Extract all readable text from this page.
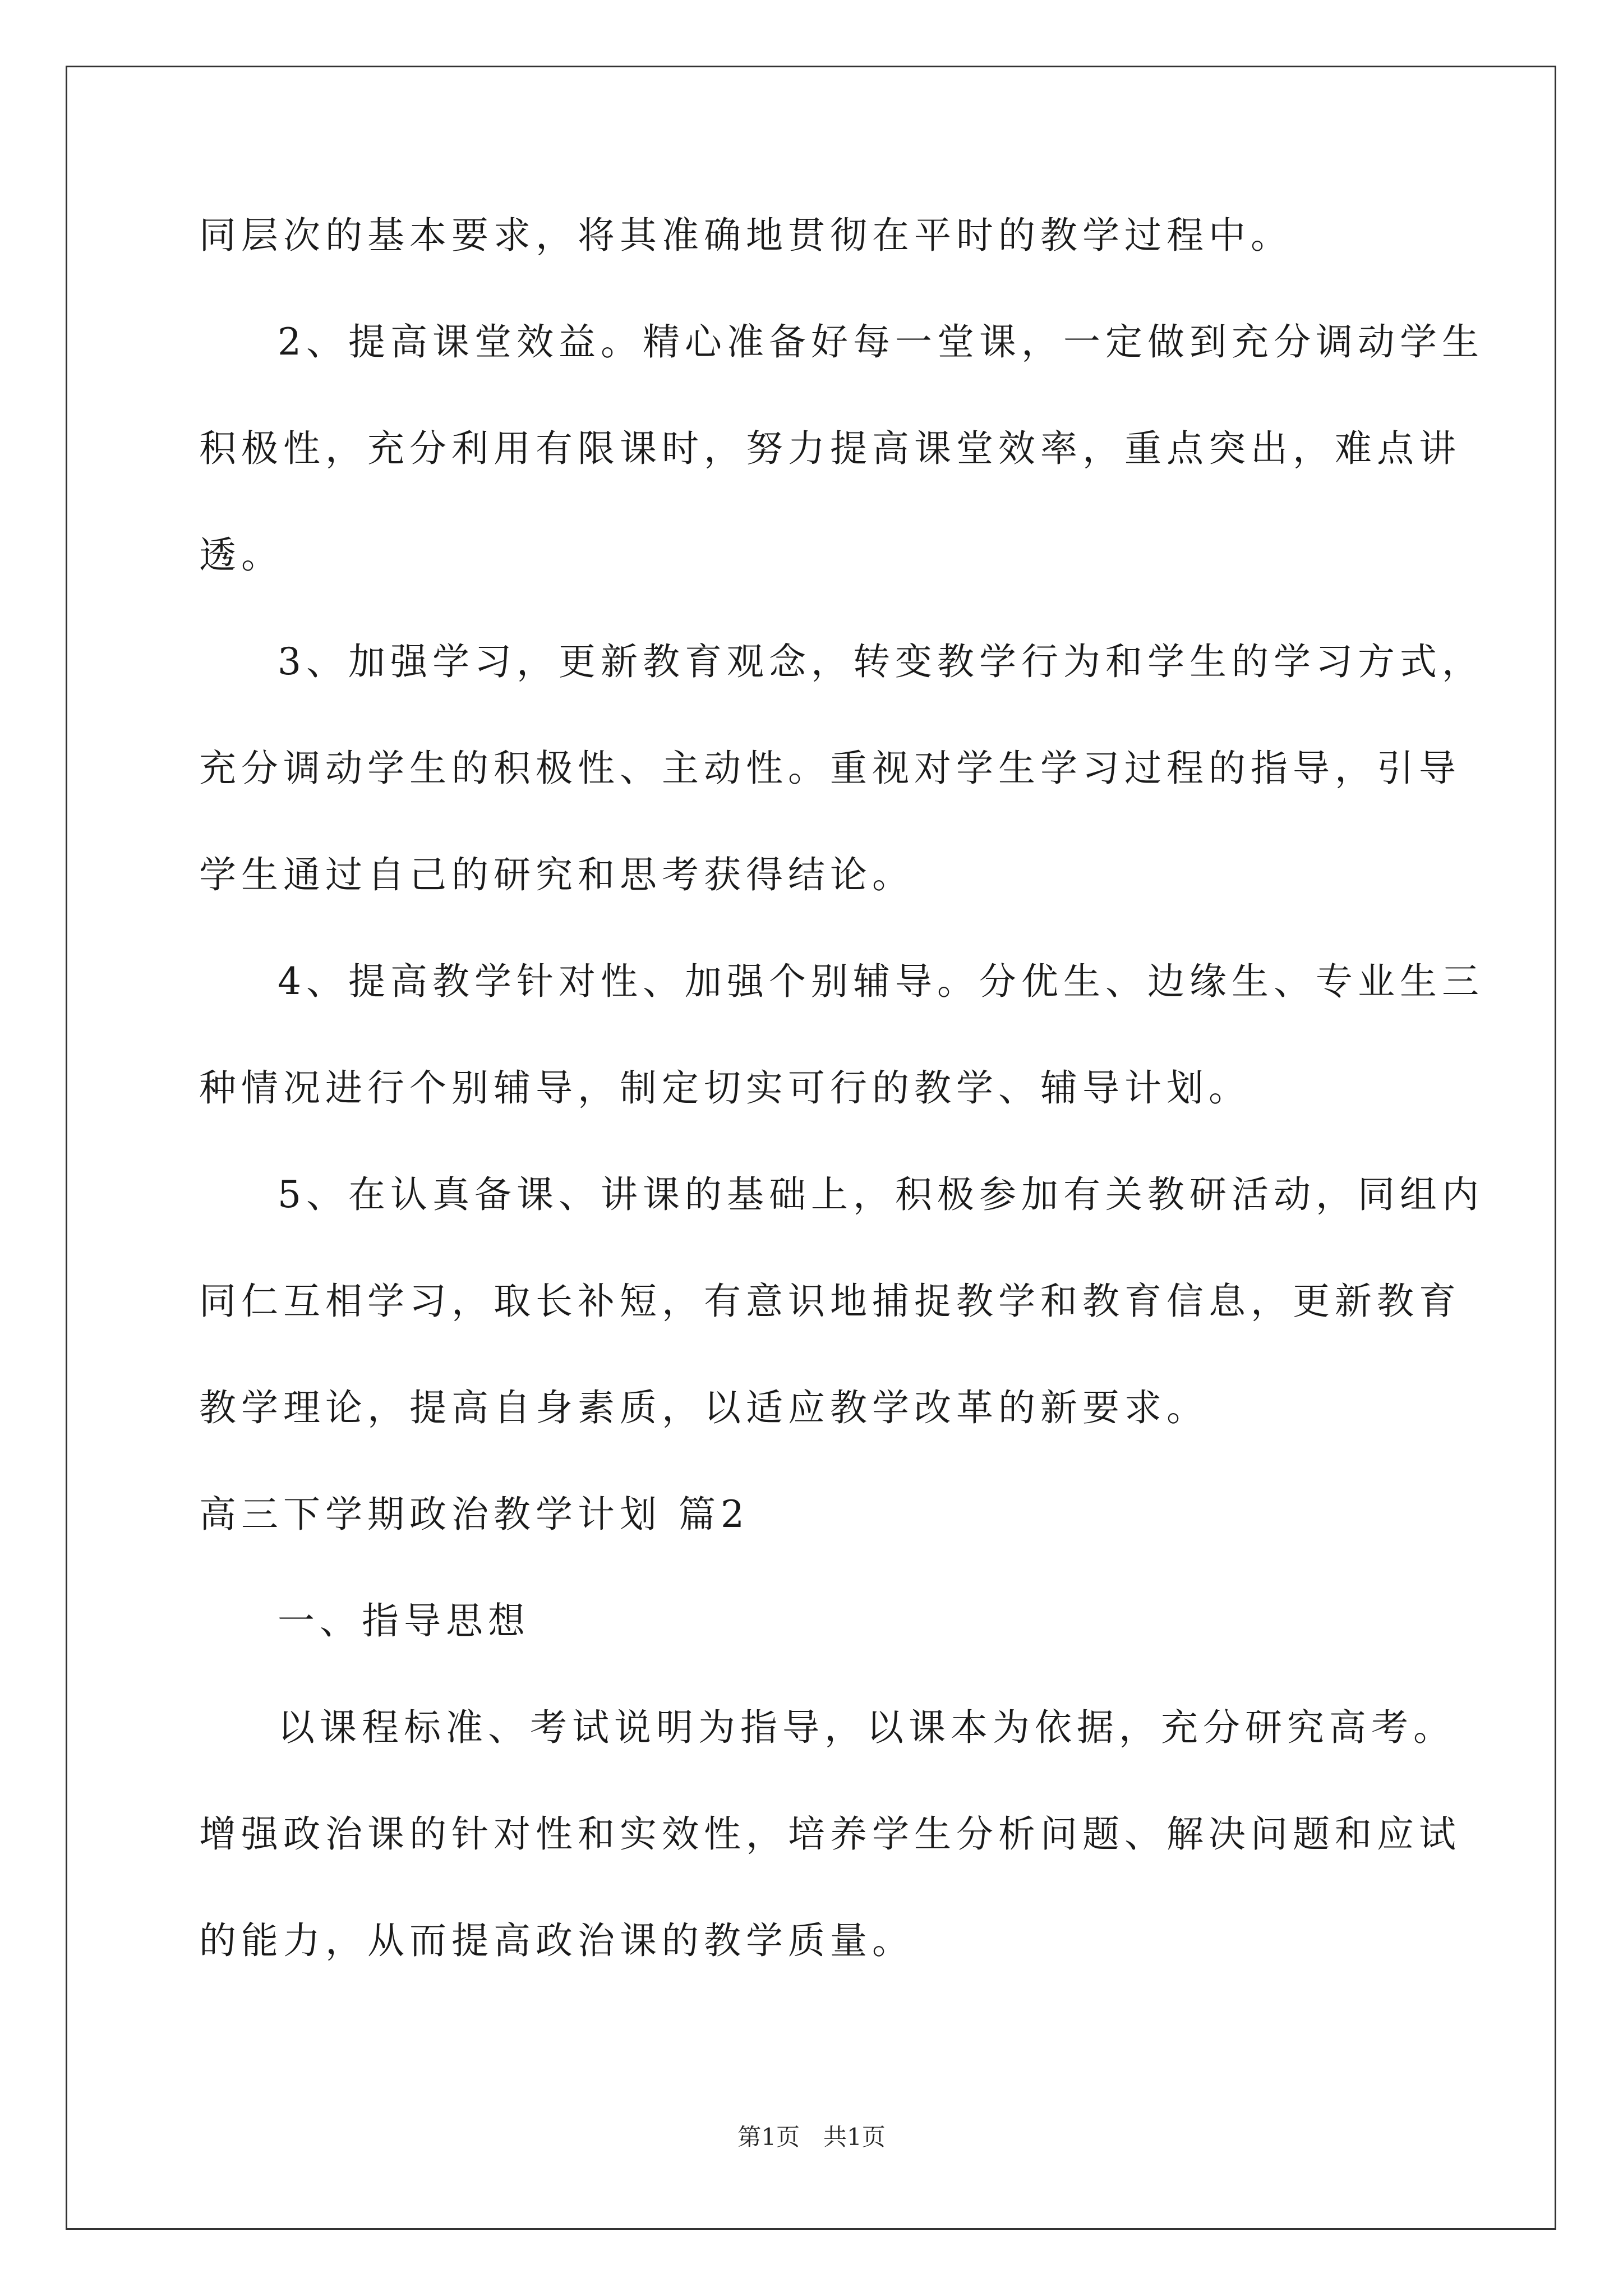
同层次的基本要求，将其准确地贯彻在平时的教学过程中。
2、提高课堂效益。精心准备好每一堂课，一定做到充分调动学生
积极性，充分利用有限课时，努力提高课堂效率，重点突出，难点讲
透。
3、加强学习，更新教育观念，转变教学行为和学生的学习方式，
充分调动学生的积极性、主动性。重视对学生学习过程的指导，引导
学生通过自己的研究和思考获得结论。
4、提高教学针对性、加强个别辅导。分优生、边缘生、专业生三
种情况进行个别辅导，制定切实可行的教学、辅导计划。
5、在认真备课、讲课的基础上，积极参加有关教研活动，同组内
同仁互相学习，取长补短，有意识地捕捉教学和教育信息，更新教育
教学理论，提高自身素质，以适应教学改革的新要求。
高三下学期政治教学计划 篇2
一、指导思想
以课程标准、考试说明为指导，以课本为依据，充分研究高考。
增强政治课的针对性和实效性，培养学生分析问题、解决问题和应试
的能力，从而提高政治课的教学质量。
第1页　共1页
